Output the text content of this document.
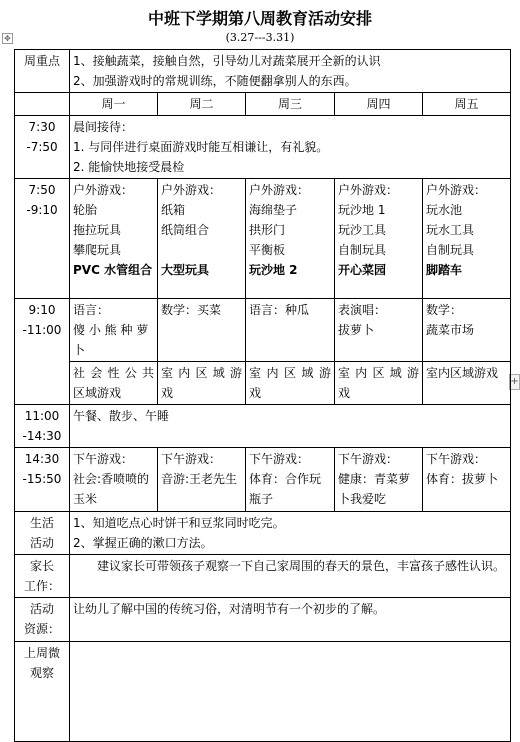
中班下学期第八周教育活动安排
(3.27---3.31)
✥
+
周重点	1、接触蔬菜，接触自然，引导幼儿对蔬菜展开全新的认识
2、加强游戏时的常规训练，不随便翻拿别人的东西。				

	周一	周二	周三	周四	周五

7:30
-7:50	晨间接待：
1. 与同伴进行桌面游戏时能互相谦让，有礼貌。
2. 能愉快地接受晨检				

7:50
-9:10	户外游戏：
轮胎
拖拉玩具
攀爬玩具
PVC 水管组合	户外游戏：
纸箱
纸筒组合

大型玩具	户外游戏：
海绵垫子
拱形门
平衡板
玩沙地 2	户外游戏：
玩沙地 1
玩沙工具
自制玩具
开心菜园	户外游戏：
玩水池
玩水工具
自制玩具
脚踏车

9:10
-11:00	语言：
傻 小 熊 种 萝 卜	数学：买菜	语言：种瓜	表演唱：
拔萝卜	数学：
蔬菜市场

	社 会 性 公 共 区域游戏	室 内 区 域 游 戏	室 内 区 域 游 戏	室 内 区 域 游 戏	室内区域游戏

11:00
-14:30	午餐、散步、午睡				

14:30
-15:50	下午游戏：
社会:香喷喷的玉米	下午游戏：
音游:王老先生	下午游戏：
体育：合作玩瓶子	下午游戏：
健康：青菜萝卜我爱吃	下午游戏：
体育：拔萝卜

生活
活动	1、知道吃点心时饼干和豆浆同时吃完。
2、掌握正确的漱口方法。				

家长
工作：	建议家长可带领孩子观察一下自己家周围的春天的景色，丰富孩子感性认识。				

活动
资源：	让幼儿了解中国的传统习俗，对清明节有一个初步的了解。				

上周微
观察					
